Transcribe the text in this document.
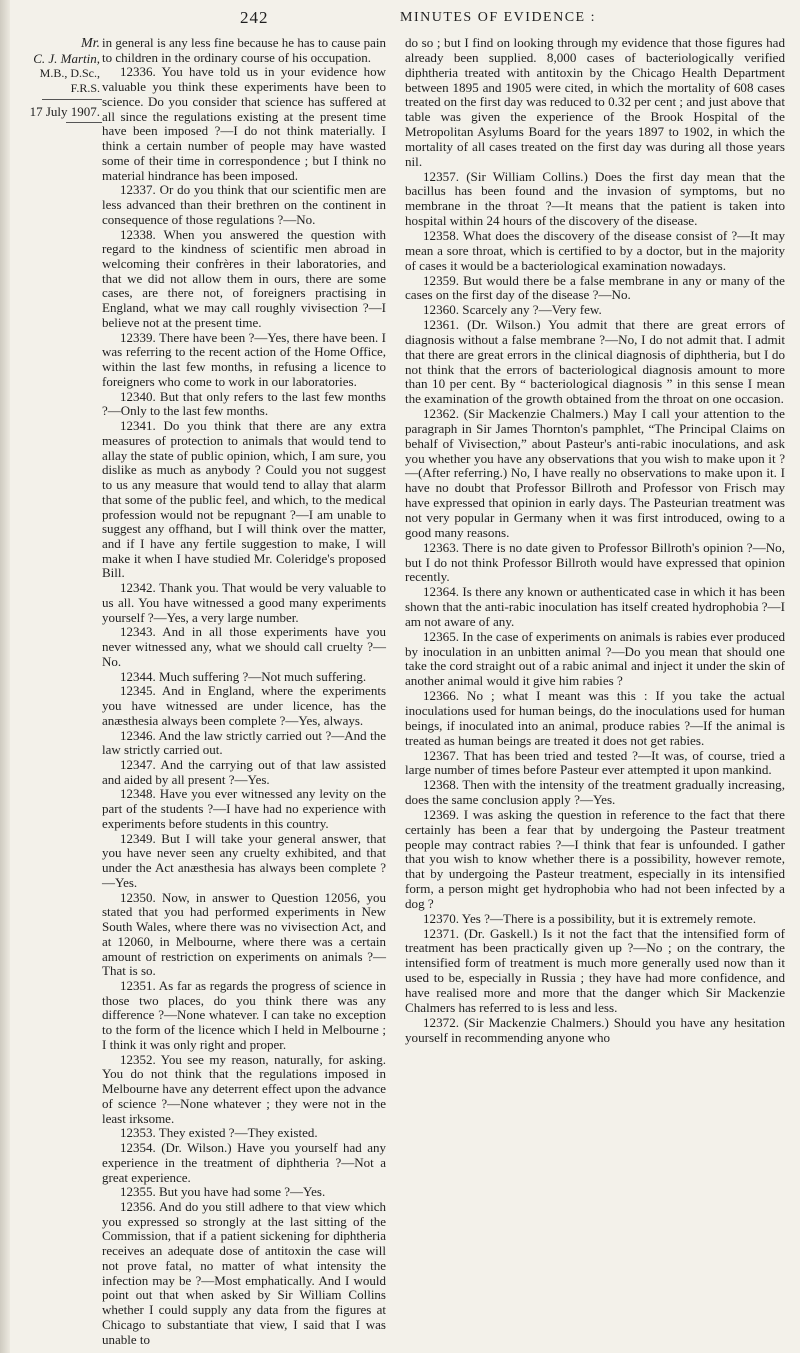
242	MINUTES OF EVIDENCE :
Mr.
C. J. Martin,
M.B., D.Sc.,
F.R.S.
17 July 1907.

in general is any less fine because he has to cause pain to children in the ordinary course of his occupation.

12336. You have told us in your evidence how valuable you think these experiments have been to science. Do you consider that science has suffered at all since the regulations existing at the present time have been imposed ?—I do not think materially. I think a certain number of people may have wasted some of their time in correspondence ; but I think no material hindrance has been imposed.

12337. Or do you think that our scientific men are less advanced than their brethren on the continent in consequence of those regulations ?—No.

12338. When you answered the question with regard to the kindness of scientific men abroad in welcoming their confrères in their laboratories, and that we did not allow them in ours, there are some cases, are there not, of foreigners practising in England, what we may call roughly vivisection ?—I believe not at the present time.

12339. There have been ?—Yes, there have been. I was referring to the recent action of the Home Office, within the last few months, in refusing a licence to foreigners who come to work in our laboratories.

12340. But that only refers to the last few months ?—Only to the last few months.

12341. Do you think that there are any extra measures of protection to animals that would tend to allay the state of public opinion, which, I am sure, you dislike as much as anybody ? Could you not suggest to us any measure that would tend to allay that alarm that some of the public feel, and which, to the medical profession would not be repugnant ?—I am unable to suggest any offhand, but I will think over the matter, and if I have any fertile suggestion to make, I will make it when I have studied Mr. Coleridge's proposed Bill.

12342. Thank you. That would be very valuable to us all. You have witnessed a good many experiments yourself ?—Yes, a very large number.

12343. And in all those experiments have you never witnessed any, what we should call cruelty ?—No.

12344. Much suffering ?—Not much suffering.

12345. And in England, where the experiments you have witnessed are under licence, has the anæsthesia always been complete ?—Yes, always.

12346. And the law strictly carried out ?—And the law strictly carried out.

12347. And the carrying out of that law assisted and aided by all present ?—Yes.

12348. Have you ever witnessed any levity on the part of the students ?—I have had no experience with experiments before students in this country.

12349. But I will take your general answer, that you have never seen any cruelty exhibited, and that under the Act anæsthesia has always been complete ?—Yes.

12350. Now, in answer to Question 12056, you stated that you had performed experiments in New South Wales, where there was no vivisection Act, and at 12060, in Melbourne, where there was a certain amount of restriction on experiments on animals ?—That is so.

12351. As far as regards the progress of science in those two places, do you think there was any difference ?—None whatever. I can take no exception to the form of the licence which I held in Melbourne ; I think it was only right and proper.

12352. You see my reason, naturally, for asking. You do not think that the regulations imposed in Melbourne have any deterrent effect upon the advance of science ?—None whatever ; they were not in the least irksome.

12353. They existed ?—They existed.

12354. (Dr. Wilson.) Have you yourself had any experience in the treatment of diphtheria ?—Not a great experience.

12355. But you have had some ?—Yes.

12356. And do you still adhere to that view which you expressed so strongly at the last sitting of the Commission, that if a patient sickening for diphtheria receives an adequate dose of antitoxin the case will not prove fatal, no matter of what intensity the infection may be ?—Most emphatically. And I would point out that when asked by Sir William Collins whether I could supply any data from the figures at Chicago to substantiate that view, I said that I was unable to

do so ; but I find on looking through my evidence that those figures had already been supplied. 8,000 cases of bacteriologically verified diphtheria treated with antitoxin by the Chicago Health Department between 1895 and 1905 were cited, in which the mortality of 608 cases treated on the first day was reduced to 0.32 per cent ; and just above that table was given the experience of the Brook Hospital of the Metropolitan Asylums Board for the years 1897 to 1902, in which the mortality of all cases treated on the first day was during all those years nil.

12357. (Sir William Collins.) Does the first day mean that the bacillus has been found and the invasion of symptoms, but no membrane in the throat ?—It means that the patient is taken into hospital within 24 hours of the discovery of the disease.

12358. What does the discovery of the disease consist of ?—It may mean a sore throat, which is certified to by a doctor, but in the majority of cases it would be a bacteriological examination nowadays.

12359. But would there be a false membrane in any or many of the cases on the first day of the disease ?—No.

12360. Scarcely any ?—Very few.

12361. (Dr. Wilson.) You admit that there are great errors of diagnosis without a false membrane ?—No, I do not admit that. I admit that there are great errors in the clinical diagnosis of diphtheria, but I do not think that the errors of bacteriological diagnosis amount to more than 10 per cent. By “ bacteriological diagnosis ” in this sense I mean the examination of the growth obtained from the throat on one occasion.

12362. (Sir Mackenzie Chalmers.) May I call your attention to the paragraph in Sir James Thornton's pamphlet, “The Principal Claims on behalf of Vivisection,” about Pasteur's anti-rabic inoculations, and ask you whether you have any observations that you wish to make upon it ?—(After referring.) No, I have really no observations to make upon it. I have no doubt that Professor Billroth and Professor von Frisch may have expressed that opinion in early days. The Pasteurian treatment was not very popular in Germany when it was first introduced, owing to a good many reasons.

12363. There is no date given to Professor Billroth's opinion ?—No, but I do not think Professor Billroth would have expressed that opinion recently.

12364. Is there any known or authenticated case in which it has been shown that the anti-rabic inoculation has itself created hydrophobia ?—I am not aware of any.

12365. In the case of experiments on animals is rabies ever produced by inoculation in an unbitten animal ?—Do you mean that should one take the cord straight out of a rabic animal and inject it under the skin of another animal would it give him rabies ?

12366. No ; what I meant was this : If you take the actual inoculations used for human beings, do the inoculations used for human beings, if inoculated into an animal, produce rabies ?—If the animal is treated as human beings are treated it does not get rabies.

12367. That has been tried and tested ?—It was, of course, tried a large number of times before Pasteur ever attempted it upon mankind.

12368. Then with the intensity of the treatment gradually increasing, does the same conclusion apply ?—Yes.

12369. I was asking the question in reference to the fact that there certainly has been a fear that by undergoing the Pasteur treatment people may contract rabies ?—I think that fear is unfounded. I gather that you wish to know whether there is a possibility, however remote, that by undergoing the Pasteur treatment, especially in its intensified form, a person might get hydrophobia who had not been infected by a dog ?

12370. Yes ?—There is a possibility, but it is extremely remote.

12371. (Dr. Gaskell.) Is it not the fact that the intensified form of treatment has been practically given up ?—No ; on the contrary, the intensified form of treatment is much more generally used now than it used to be, especially in Russia ; they have had more confidence, and have realised more and more that the danger which Sir Mackenzie Chalmers has referred to is less and less.

12372. (Sir Mackenzie Chalmers.) Should you have any hesitation yourself in recommending anyone who
